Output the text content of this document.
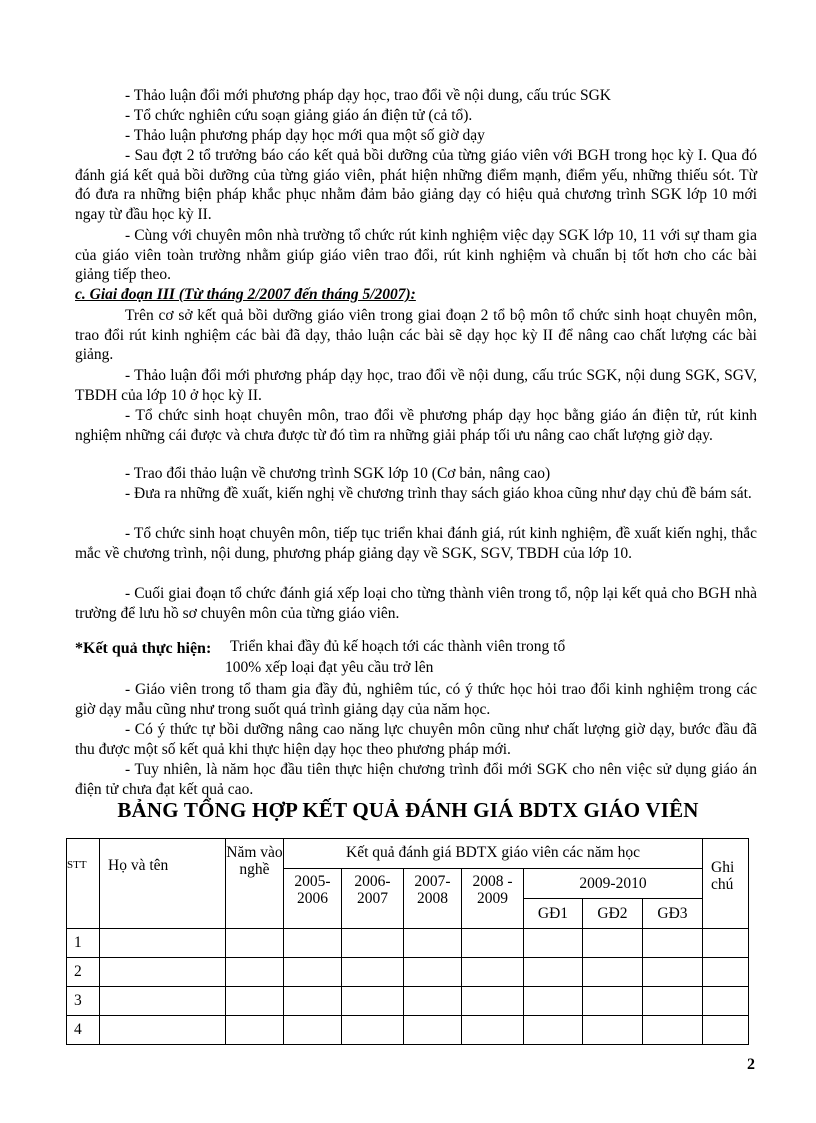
- Thảo luận đổi mới phương pháp dạy học, trao đổi về nội dung, cấu trúc SGK

- Tổ chức nghiên cứu soạn giảng giáo án điện tử (cả tổ).

- Thảo luận phương pháp dạy học mới qua một số giờ dạy

- Sau đợt 2 tổ trưởng báo cáo kết quả bồi dưỡng của từng giáo viên với BGH trong học kỳ I. Qua đó đánh giá kết quả bồi dưỡng của từng giáo viên, phát hiện những điểm mạnh, điểm yếu, những thiếu sót. Từ đó đưa ra những biện pháp khắc phục nhằm đảm bảo giảng dạy có hiệu quả chương trình SGK lớp 10 mới ngay từ đầu học kỳ II.

- Cùng với chuyên môn nhà trường tổ chức rút kinh nghiệm việc dạy SGK lớp 10, 11 với sự tham gia của giáo viên toàn trường nhằm giúp giáo viên trao đổi, rút kinh nghiệm và chuẩn bị tốt hơn cho các bài giảng tiếp theo.

c. Giai đoạn III (Từ tháng 2/2007 đến tháng 5/2007):

Trên cơ sở kết quả bồi dưỡng giáo viên trong giai đoạn 2 tổ bộ môn tổ chức sinh hoạt chuyên môn, trao đổi rút kinh nghiệm các bài đã dạy, thảo luận các bài sẽ dạy học kỳ II để nâng cao chất lượng các bài giảng.

- Thảo luận đổi mới phương pháp dạy học, trao đổi về nội dung, cấu trúc SGK, nội dung SGK, SGV, TBDH của lớp 10 ở học kỳ II.

- Tổ chức sinh hoạt chuyên môn, trao đổi về phương pháp dạy học bằng giáo án điện tử, rút kinh nghiệm những cái được và chưa được từ đó tìm ra những giải pháp tối ưu nâng cao chất lượng giờ dạy.

- Trao đổi thảo luận về chương trình SGK lớp 10 (Cơ bản, nâng cao)

- Đưa ra những đề xuất, kiến nghị về chương trình thay sách giáo khoa cũng như dạy chủ đề bám sát.

- Tổ chức sinh hoạt chuyên môn, tiếp tục triển khai đánh giá, rút kinh nghiệm, đề xuất kiến nghị, thắc mắc về chương trình, nội dung, phương pháp giảng dạy về SGK, SGV, TBDH của lớp 10.

- Cuối giai đoạn tổ chức đánh giá xếp loại cho từng thành viên trong tổ, nộp lại kết quả cho BGH nhà trường để lưu hồ sơ chuyên môn của từng giáo viên.

*Kết quả thực hiện: Triển khai đầy đủ kế hoạch tới các thành viên trong tổ

100% xếp loại đạt yêu cầu trở lên

- Giáo viên trong tổ tham gia đầy đủ, nghiêm túc, có ý thức học hỏi trao đổi kinh nghiệm trong các giờ dạy mẫu cũng như trong suốt quá trình giảng dạy của năm học.

- Có ý thức tự bồi dưỡng nâng cao năng lực chuyên môn cũng như chất lượng giờ dạy, bước đầu đã thu được một số kết quả khi thực hiện dạy học theo phương pháp mới.

- Tuy nhiên, là năm học đầu tiên thực hiện chương trình đổi mới SGK cho nên việc sử dụng giáo án điện tử chưa đạt kết quả cao.

BẢNG TỔNG HỢP KẾT QUẢ ĐÁNH GIÁ BDTX GIÁO VIÊN

STT	Họ và tên	Năm vào nghề	Kết quả đánh giá BDTX giáo viên các năm học							Ghi chú
			2005-2006	2006-2007	2007-2008	2008 - 2009	2009-2010			
							GĐ1	GĐ2	GĐ3	
1										
2										
3										
4										

2
